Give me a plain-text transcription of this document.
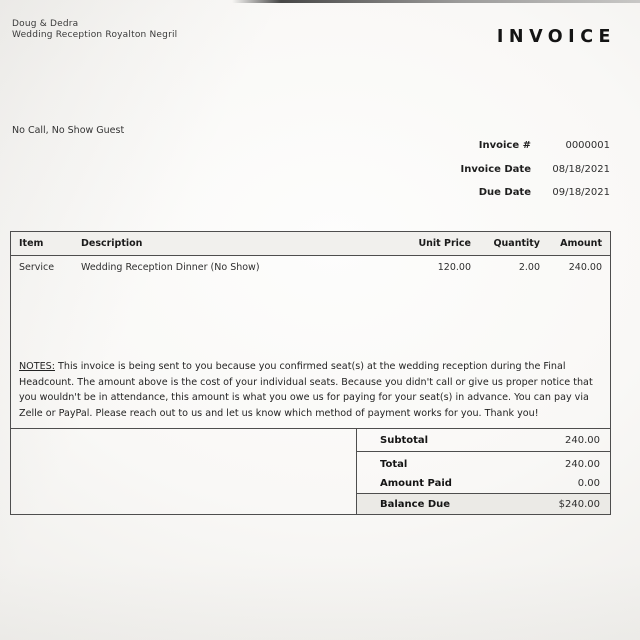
Doug & Dedra
Wedding Reception Royalton Negril	INVOICE
No Call, No Show Guest
Invoice #	0000001
Invoice Date	08/18/2021
Due Date	09/18/2021
Item	Description	Unit Price	Quantity	Amount
Service	Wedding Reception Dinner (No Show)	120.00	2.00	240.00
NOTES: This invoice is being sent to you because you confirmed seat(s) at the wedding reception during the Final Headcount. The amount above is the cost of your individual seats. Because you didn't call or give us proper notice that you wouldn't be in attendance, this amount is what you owe us for paying for your seat(s) in advance. You can pay via Zelle or PayPal. Please reach out to us and let us know which method of payment works for you. Thank you!
Subtotal	240.00
Total	240.00
Amount Paid	0.00
Balance Due	$240.00
